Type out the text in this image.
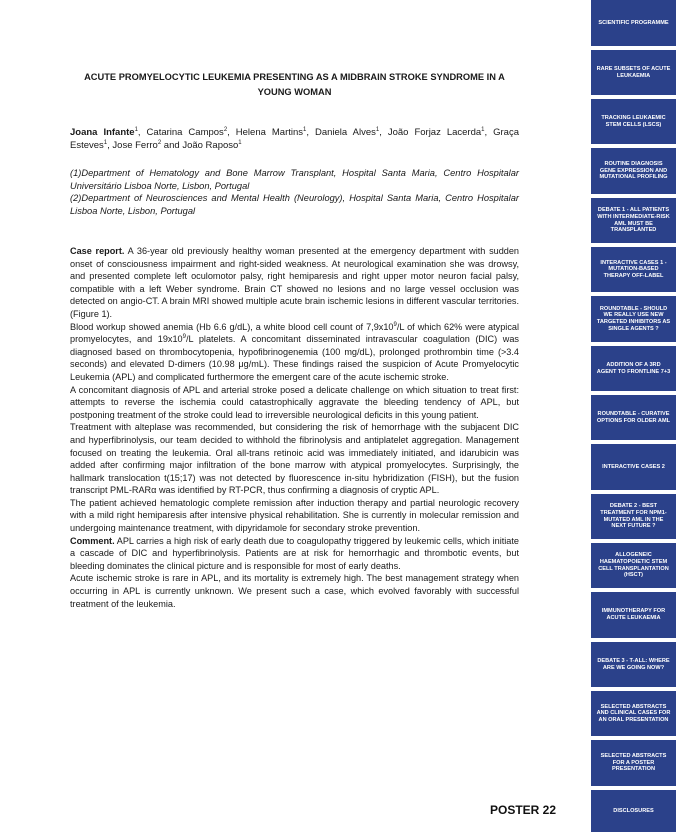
ACUTE PROMYELOCYTIC LEUKEMIA PRESENTING AS A MIDBRAIN STROKE SYNDROME IN A
YOUNG WOMAN
Joana Infante$^1$, Catarina Campos$^2$, Helena Martins$^1$, Daniela Alves$^1$, João Forjaz Lacerda$^1$, Graça Esteves$^1$, Jose Ferro$^2$ and João Raposo$^1$
(1)Department of Hematology and Bone Marrow Transplant, Hospital Santa Maria, Centro Hospitalar Universitário Lisboa Norte, Lisbon, Portugal
(2)Department of Neurosciences and Mental Health (Neurology), Hospital Santa Maria, Centro Hospitalar Lisboa Norte, Lisbon, Portugal

Case report. A 36-year old previously healthy woman presented at the emergency department with sudden onset of consciousness impairment and right-sided weakness. At neurological examination she was drowsy, and presented complete left oculomotor palsy, right hemiparesis and right upper motor neuron facial palsy, compatible with a left Weber syndrome. Brain CT showed no lesions and no large vessel occlusion was detected on angio-CT. A brain MRI showed multiple acute brain ischemic lesions in different vascular territories. (Figure 1).

Blood workup showed anemia (Hb 6.6 g/dL), a white blood cell count of $7,9x10^9/L$ of which 62% were atypical promyelocytes, and $19x10^9/L$ platelets. A concomitant disseminated intravascular coagulation (DIC) was diagnosed based on thrombocytopenia, hypofibrinogenemia (100 mg/dL), prolonged prothrombin time (>3.4 seconds) and elevated D-dimers (10.98 μg/mL). These findings raised the suspicion of Acute Promyelocytic Leukemia (APL) and complicated furthermore the emergent care of the acute ischemic stroke.

A concomitant diagnosis of APL and arterial stroke posed a delicate challenge on which situation to treat first: attempts to reverse the ischemia could catastrophically aggravate the bleeding tendency of APL, but postponing treatment of the stroke could lead to irreversible neurological deficits in this young patient.

Treatment with alteplase was recommended, but considering the risk of hemorrhage with the subjacent DIC and hyperfibrinolysis, our team decided to withhold the fibrinolysis and antiplatelet aggregation. Management focused on treating the leukemia. Oral all-trans retinoic acid was immediately initiated, and idarubicin was added after confirming major infiltration of the bone marrow with atypical promyelocytes. Surprisingly, the hallmark translocation t(15;17) was not detected by fluorescence in-situ hybridization (FISH), but the fusion transcript PML-RARα was identified by RT-PCR, thus confirming a diagnosis of cryptic APL.

The patient achieved hematologic complete remission after induction therapy and partial neurologic recovery with a mild right hemiparesis after intensive physical rehabilitation. She is currently in molecular remission and undergoing maintenance treatment, with dipyridamole for secondary stroke prevention.

Comment. APL carries a high risk of early death due to coagulopathy triggered by leukemic cells, which initiate a cascade of DIC and hyperfibrinolysis. Patients are at risk for hemorrhagic and thrombotic events, but bleeding dominates the clinical picture and is responsible for most of early deaths.

Acute ischemic stroke is rare in APL, and its mortality is extremely high. The best management strategy when occurring in APL is currently unknown. We present such a case, which evolved favorably with successful treatment of the leukemia.

POSTER 22
SCIENTIFIC PROGRAMME
RARE SUBSETS OF ACUTE LEUKAEMIA
TRACKING LEUKAEMIC STEM CELLS (LSCS)
ROUTINE DIAGNOSIS GENE EXPRESSION AND MUTATIONAL PROFILING
DEBATE 1 - ALL PATIENTS WITH INTERMEDIATE-RISK AML MUST BE TRANSPLANTED
INTERACTIVE CASES 1 - MUTATION-BASED THERAPY OFF-LABEL
ROUNDTABLE - SHOULD WE REALLY USE NEW TARGETED INHIBITORS AS SINGLE AGENTS ?
ADDITION OF A 3RD AGENT TO FRONTLINE 7+3
ROUNDTABLE - CURATIVE OPTIONS FOR OLDER AML
INTERACTIVE CASES 2
DEBATE 2 - BEST TREATMENT FOR NPM1-MUTATED AML IN THE NEXT FUTURE ?
ALLOGENEIC HAEMATOPOIETIC STEM CELL TRANSPLANTATION (HSCT)
IMMUNOTHERAPY FOR ACUTE LEUKAEMIA
DEBATE 3 - T-ALL: WHERE ARE WE GOING NOW?
SELECTED ABSTRACTS AND CLINICAL CASES FOR AN ORAL PRESENTATION
SELECTED ABSTRACTS FOR A POSTER PRESENTATION
DISCLOSURES
